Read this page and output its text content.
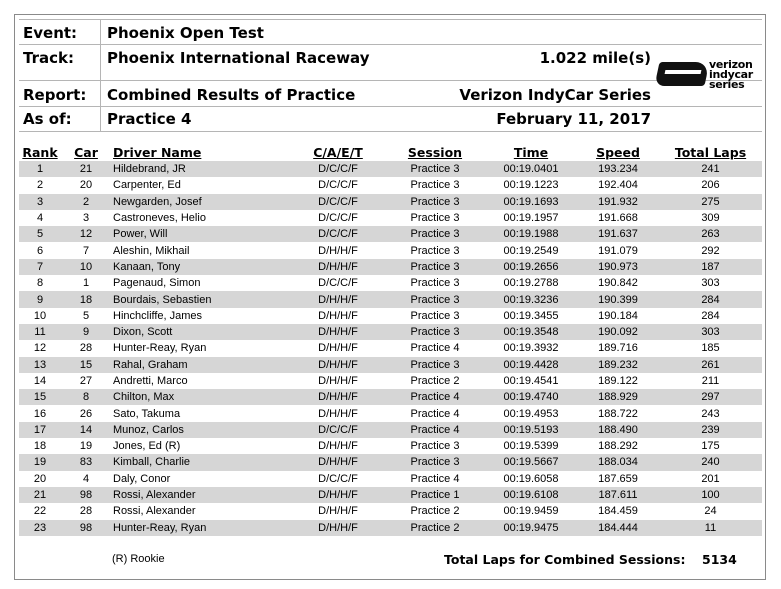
Event: Phoenix Open Test
Track: Phoenix International Raceway	1.022 mile(s)
Report: Combined Results of Practice	Verizon IndyCar Series
As of: Practice 4	February 11, 2017
verizon
indycar
series
Rank	Car	Driver Name	C/A/E/T	Session	Time	Speed	Total Laps
1	21	Hildebrand, JR	D/C/C/F	Practice 3	00:19.0401	193.234	241
2	20	Carpenter, Ed	D/C/C/F	Practice 3	00:19.1223	192.404	206
3	2	Newgarden, Josef	D/C/C/F	Practice 3	00:19.1693	191.932	275
4	3	Castroneves, Helio	D/C/C/F	Practice 3	00:19.1957	191.668	309
5	12	Power, Will	D/C/C/F	Practice 3	00:19.1988	191.637	263
6	7	Aleshin, Mikhail	D/H/H/F	Practice 3	00:19.2549	191.079	292
7	10	Kanaan, Tony	D/H/H/F	Practice 3	00:19.2656	190.973	187
8	1	Pagenaud, Simon	D/C/C/F	Practice 3	00:19.2788	190.842	303
9	18	Bourdais, Sebastien	D/H/H/F	Practice 3	00:19.3236	190.399	284
10	5	Hinchcliffe, James	D/H/H/F	Practice 3	00:19.3455	190.184	284
11	9	Dixon, Scott	D/H/H/F	Practice 3	00:19.3548	190.092	303
12	28	Hunter-Reay, Ryan	D/H/H/F	Practice 4	00:19.3932	189.716	185
13	15	Rahal, Graham	D/H/H/F	Practice 3	00:19.4428	189.232	261
14	27	Andretti, Marco	D/H/H/F	Practice 2	00:19.4541	189.122	211
15	8	Chilton, Max	D/H/H/F	Practice 4	00:19.4740	188.929	297
16	26	Sato, Takuma	D/H/H/F	Practice 4	00:19.4953	188.722	243
17	14	Munoz, Carlos	D/C/C/F	Practice 4	00:19.5193	188.490	239
18	19	Jones, Ed (R)	D/H/H/F	Practice 3	00:19.5399	188.292	175
19	83	Kimball, Charlie	D/H/H/F	Practice 3	00:19.5667	188.034	240
20	4	Daly, Conor	D/C/C/F	Practice 4	00:19.6058	187.659	201
21	98	Rossi, Alexander	D/H/H/F	Practice 1	00:19.6108	187.611	100
22	28	Rossi, Alexander	D/H/H/F	Practice 2	00:19.9459	184.459	24
23	98	Hunter-Reay, Ryan	D/H/H/F	Practice 2	00:19.9475	184.444	11
(R) Rookie	Total Laps for Combined Sessions: 5134
